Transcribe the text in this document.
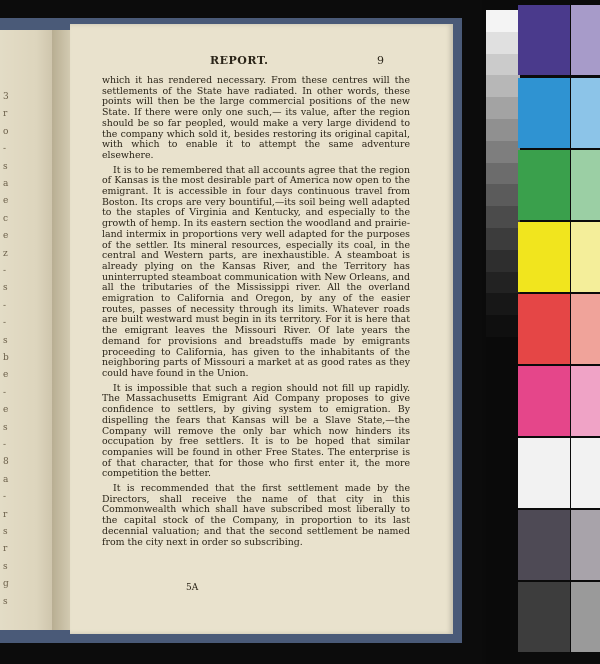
3
r
o
-
s
a
e
c
e
z
-
s
-
-
s
b
e
-
e
s
-
8
a
-
r
s
r
s
g
s
REPORT.	9

which it has rendered necessary. From these centres will the settlements of the State have radiated. In other words, these points will then be the large commercial positions of the new State. If there were only one such,— its value, after the region should be so far peopled, would make a very large dividend to the company which sold it, besides restoring its original capital, with which to enable it to attempt the same adventure elsewhere.

It is to be remembered that all accounts agree that the region of Kansas is the most desirable part of America now open to the emigrant. It is accessible in four days continuous travel from Boston. Its crops are very bountiful,—its soil being well adapted to the staples of Virginia and Kentucky, and especially to the growth of hemp. In its eastern section the woodland and prairie-land intermix in proportions very well adapted for the purposes of the settler. Its mineral resources, especially its coal, in the central and Western parts, are inexhaustible. A steamboat is already plying on the Kansas River, and the Territory has uninterrupted steamboat communication with New Orleans, and all the tributaries of the Mississippi river. All the overland emigration to California and Oregon, by any of the easier routes, passes of necessity through its limits. Whatever roads are built westward must begin in its territory. For it is here that the emigrant leaves the Missouri River. Of late years the demand for provisions and breadstuffs made by emigrants proceeding to California, has given to the inhabitants of the neighboring parts of Missouri a market at as good rates as they could have found in the Union.

It is impossible that such a region should not fill up rapidly. The Massachusetts Emigrant Aid Company proposes to give confidence to settlers, by giving system to emigration. By dispelling the fears that Kansas will be a Slave State,—the Company will remove the only bar which now hinders its occupation by free settlers. It is to be hoped that similar companies will be found in other Free States. The enterprise is of that character, that for those who first enter it, the more competition the better.

It is recommended that the first settlement made by the Directors, shall receive the name of that city in this Commonwealth which shall have subscribed most liberally to the capital stock of the Company, in proportion to its last decennial valuation; and that the second settlement be named from the city next in order so subscribing.

5A
